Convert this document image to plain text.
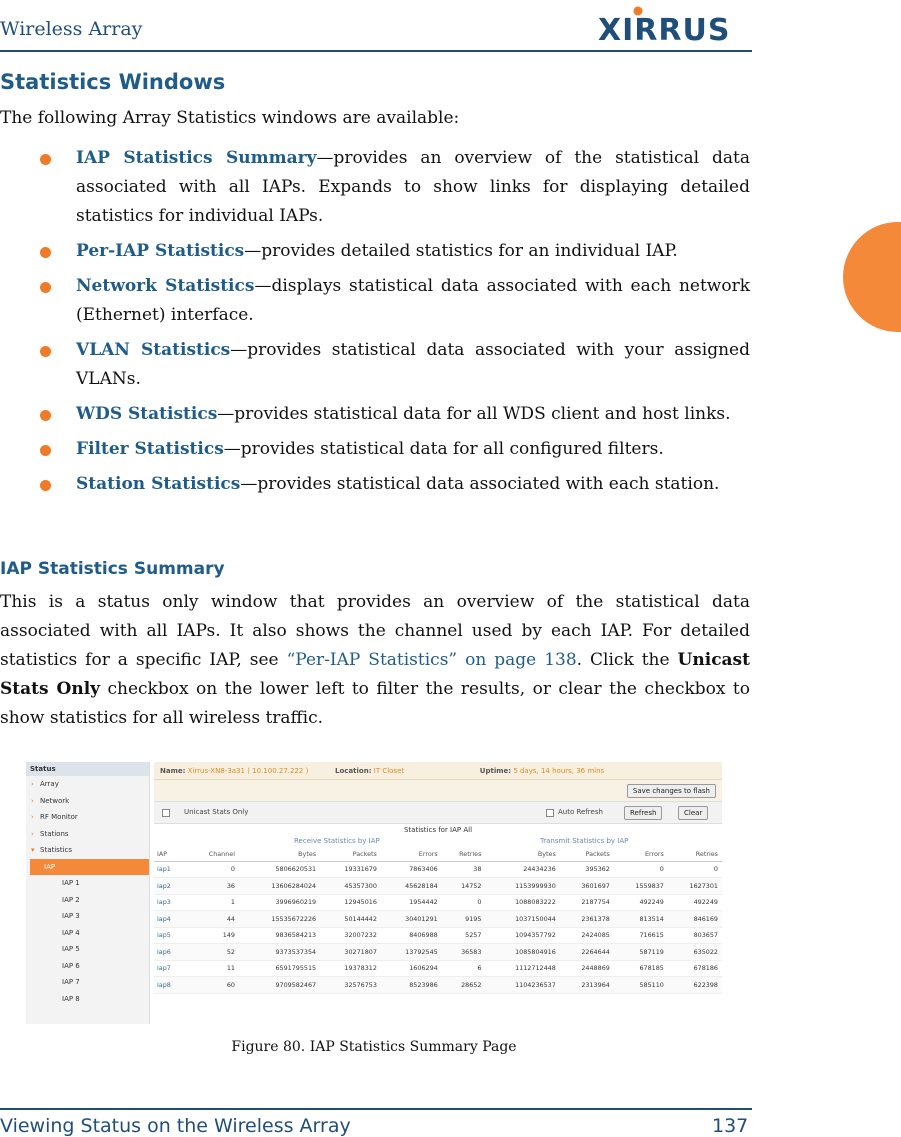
Wireless Array	XIRRUS
Statistics Windows

The following Array Statistics windows are available:

IAP Statistics Summary—provides an overview of the statistical data associated with all IAPs. Expands to show links for displaying detailed statistics for individual IAPs.
Per-IAP Statistics—provides detailed statistics for an individual IAP.
Network Statistics—displays statistical data associated with each network (Ethernet) interface.
VLAN Statistics—provides statistical data associated with your assigned VLANs.
WDS Statistics—provides statistical data for all WDS client and host links.
Filter Statistics—provides statistical data for all configured filters.
Station Statistics—provides statistical data associated with each station.
IAP Statistics Summary

This is a status only window that provides an overview of the statistical data associated with all IAPs. It also shows the channel used by each IAP. For detailed statistics for a specific IAP, see “Per-IAP Statistics” on page 138. Click the Unicast Stats Only checkbox on the lower left to filter the results, or clear the checkbox to show statistics for all wireless traffic.

Status
› Array
› Network
› RF Monitor
› Stations
▾ Statistics
IAP
IAP 1
IAP 2
IAP 3
IAP 4
IAP 5
IAP 6
IAP 7
IAP 8
Name: Xirrus-XN8-3a31 ( 10.100.27.222 )	Location: IT Closet	Uptime: 5 days, 14 hours, 36 mins
Save changes to flash
Unicast Stats Only	Auto Refresh	Refresh	Clear
Statistics for IAP All
Receive Statistics by IAP	Transmit Statistics by IAP
IAP	Channel	Bytes	Packets	Errors	Retries	Bytes	Packets	Errors	Retries
iap1	0	5806620531	19331679	7863406	38	24434236	395362	0	0
iap2	36	13606284024	45357300	45628184	14752	1153999930	3601697	1559837	1627301
iap3	1	3996960219	12945016	1954442	0	1088083222	2187754	492249	492249
iap4	44	15535672226	50144442	30401291	9195	1037150044	2361378	813514	846169
iap5	149	9836584213	32007232	8406988	5257	1094357792	2424085	716615	803657
iap6	52	9373537354	30271807	13792545	36583	1085804916	2264644	587119	635022
iap7	11	6591795515	19378312	1606294	6	1112712448	2448869	678185	678186
iap8	60	9709582467	32576753	8523986	28652	1104236537	2313964	585110	622398
Figure 80. IAP Statistics Summary Page
Viewing Status on the Wireless Array	137
